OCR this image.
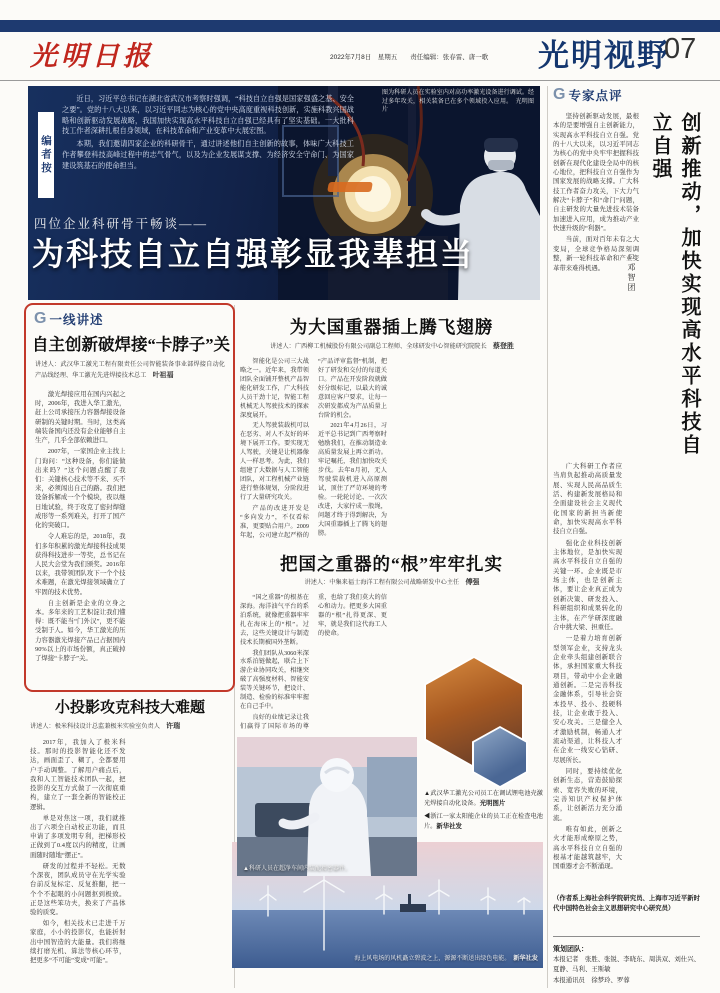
光明日报	2022年7月8日　星期五　　责任编辑：张春雷、唐一歌	光明视野
07
编者按

近日，习近平总书记在湖北省武汉市考察时强调，“科技自立自强是国家强盛之基、安全之要”。党的十八大以来，以习近平同志为核心的党中央高度重视科技创新，实施科教兴国战略和创新驱动发展战略，我国加快实现高水平科技自立自强已经具有了坚实基础。一大批科技工作者深耕扎根自身领域，在科技革命和产业变革中大展宏图。

本期，我们邀请四家企业的科研骨干，通过讲述他们自主创新的故事，体味广大科技工作者攀登科技高峰过程中的志气骨气，以及为企业发展谋支撑、为经济安全守命门、为国家建设筑基石的使命担当。

图为科研人员在实验室内对高功率激光设备进行调试。经过多年攻关，相关装备已在多个领域投入应用。　光明图片
四位企业科研骨干畅谈——
为科技自立自强彰显我辈担当
G 一线讲述
自主创新破焊接“卡脖子”关
讲述人：武汉华工激光工程有限责任公司智能装备事业部焊接自动化产品线经理、华工激光先进焊接技术总工　叶祖福

激光焊接应用在国内兴起之时，2006年，我进入华工激光，赶上公司承接压力容器焊接设备研制的关键时期。当时，这类高端装备国内还没有企业能够自主生产，几乎全部依赖进口。

2007年，一家国企业主找上门询问：“这种设备，你们能做出来吗？”这个问题点醒了我们：关键核心技术等不来、买不来，必须闯出自己的路。我们把设备拆解成一个个模块，夜以继日地试验，终于攻克了密封焊缝成形等一系列难关，打开了国产化的突破口。

令人难忘的是，2018年，我们多年积累的激光焊接科技成果获得科技进步一等奖，总书记在人民大会堂为我们颁奖。2016年以来，我带领团队攻下一个个技术难题，在激光焊接领域确立了牢固的技术优势。

自主创新是企业的立身之本。多年来的工艺积淀让我们懂得：既不能当“门外汉”，更不能受制于人。如今，华工激光的压力容器激光焊接产品已占据国内90%以上的市场份额，真正破掉了焊接“卡脖子”关。

小投影攻克科技大难题
讲述人：极米科技设计总监兼极米实验室负责人　许瑞

2017年，我加入了极米科技。那时的投影智能化还不发达，画面歪了、糊了，全都要用户手动调整。了解用户痛点后，我和人工智能技术团队一起，把投影的交互方式做了一次彻底重构，建立了一套全新的智能校正逻辑。

单是对焦这一项，我们就推出了六项全自动校正功能，而且申请了多项发明专利，把梯形校正做到了0.4度以内的精度，让画面随时随地“摆正”。

研发的过程并不轻松。无数个深夜，团队成员守在光学实验台前反复标定、反复推翻，把一个个不起眼的小问题抠到极致。正是这些笨功夫，换来了产品体验的质变。

如今，相关技术已走进千万家庭，小小的投影仪，也能折射出中国智造的大能量。我们将继续打磨光机、算法等核心环节，把更多“不可能”变成“可能”。

为大国重器插上腾飞翅膀
讲述人：广西柳工机械股份有限公司副总工程师、全球研发中心智能研究院院长　蔡登胜

智能化是公司三大战略之一。近年来，我带领团队全面铺开整机产品智能化研发工作，广大科技人员干劲十足，智能工程机械无人驾驶技术的探索深度展开。

无人驾驶装载机可以在恶劣、对人不友好的环境下展开工作。要实现无人驾驶，关键是让机器像人一样思考。为此，我们组建了大数据与人工智能团队，对工程机械产业链进行整体规划，分阶段进行了大量研究攻关。

产品的改进开发是“多向发力”，不仅看标准，更要贴合用户。2009年起，公司建立起严格的“产品评审监督”机制，把好了研发和交付的每道关口。产品在开发阶段就做好分级标记，以最大的诚意回应客户要求，让每一次研发都成为产品质量上台阶的机会。

2021年4月26日，习近平总书记到广西考察时勉励我们，在推动制造业高质量发展上再立新功。牢记嘱托，我们加快攻关步伐。去年8月初，无人驾驶装载机进入高原测试，顶住了严苛环境的考验。一轮轮讨论、一次次改进，大家拧成一股绳，问题才终于得到解决，为大国重器插上了腾飞的翅膀。

把国之重器的“根”牢牢扎实
讲述人：中集来福士海洋工程有限公司战略研发中心主任　傅强

“国之重器”的根基在深海。海洋油气平台的系泊系统，就像把重器牢牢扎在海床上的“根”。过去，这些关键设计与制造技术长期被国外垄断。

我们团队从3060米深水系泊链做起，联合上下游企业协同攻关，相继突破了高强度材料、智能安装等关键环节，把设计、制造、检验的标准牢牢握在自己手中。

良好的业绩记录让我们赢得了国际市场的尊重，也给了我们莫大的信心和动力。把更多大国重器的“根”扎得更深、更牢，就是我们这代海工人的使命。

▲武汉华工激光公司员工在调试锂电池壳激光焊接自动化设备。光明图片

◀浙江一家太阳能企业的员工正在检查电池片。新华社发

▲科研人员在超净车间内装配精密器件。
海上风电场的风机矗立碧波之上，源源不断送出绿色电能。　 新华社发
G 专家点评

坚持创新驱动发展，最根本的是要增强自主创新能力，实现高水平科技自立自强。党的十八大以来，以习近平同志为核心的党中央牢牢把握科技创新在现代化建设全局中的核心地位，把科技自立自强作为国家发展的战略支撑。广大科技工作者奋力攻关，下大力气解决“卡脖子”和“命门”问题，自主研发的大量先进技术装备加速进入应用，成为推动产业快速升级的“利器”。

当前，面对百年未有之大变局，全球竞争格局深刻调整，新一轮科技革命和产业变革带来难得机遇。	创新推动，加快实现高水平科技自立自强
□邓智团

广大科研工作者应当肩负起推动高质量发展、实现人民高品质生活、构建新发展格局和全面建设社会主义现代化国家的新担当新使命，加快实现高水平科技自立自强。

强化企业科技创新主体地位，是加快实现高水平科技自立自强的关键一环。企业既是市场主体，也是创新主体，要让企业真正成为创新决策、研发投入、科研组织和成果转化的主体，在产学研深度融合中挑大梁、担重任。

一是着力培育创新型领军企业，支持龙头企业牵头组建创新联合体，承担国家重大科技项目，带动中小企业融通创新。二是完善科技金融体系，引导社会资本投早、投小、投硬科技，让企业敢于投入、安心攻关。三是健全人才激励机制，畅通人才流动渠道，让科技人才在企业一线安心钻研、尽展所长。

同时，要持续优化创新生态，营造鼓励探索、宽容失败的环境，完善知识产权保护体系，让创新活力充分涌流。

唯有如此，创新之火才能形成燎原之势，高水平科技自立自强的根基才能越筑越牢，大国重器才会不断涌现。

（作者系上海社会科学院研究员、上海市习近平新时代中国特色社会主义思想研究中心研究员）
策划团队：
本报记者　张胜、张锐、李晓东、周洪双、刘仕兴、夏静、马利、王斯敏
本报通讯员　徐梦玲、罗蓉
